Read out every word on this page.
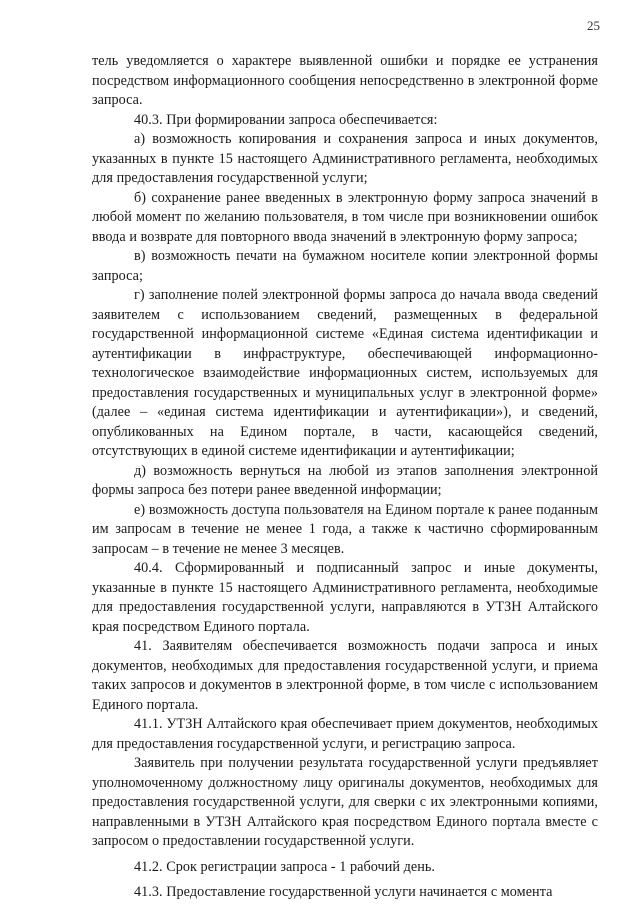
25

тель уведомляется о характере выявленной ошибки и порядке ее устранения посредством информационного сообщения непосредственно в электронной форме запроса.

40.3. При формировании запроса обеспечивается:

а) возможность копирования и сохранения запроса и иных документов, указанных в пункте 15 настоящего Административного регламента, необходимых для предоставления государственной услуги;

б) сохранение ранее введенных в электронную форму запроса значений в любой момент по желанию пользователя, в том числе при возникновении ошибок ввода и возврате для повторного ввода значений в электронную форму запроса;

в) возможность печати на бумажном носителе копии электронной формы запроса;

г) заполнение полей электронной формы запроса до начала ввода сведений заявителем с использованием сведений, размещенных в федеральной государственной информационной системе «Единая система идентификации и аутентификации в инфраструктуре, обеспечивающей информационно-технологическое взаимодействие информационных систем, используемых для предоставления государственных и муниципальных услуг в электронной форме» (далее – «единая система идентификации и аутентификации»), и сведений, опубликованных на Едином портале, в части, касающейся сведений, отсутствующих в единой системе идентификации и аутентификации;

д) возможность вернуться на любой из этапов заполнения электронной формы запроса без потери ранее введенной информации;

е) возможность доступа пользователя на Едином портале к ранее поданным им запросам в течение не менее 1 года, а также к частично сформированным запросам – в течение не менее 3 месяцев.

40.4. Сформированный и подписанный запрос и иные документы, указанные в пункте 15 настоящего Административного регламента, необходимые для предоставления государственной услуги, направляются в УТЗН Алтайского края посредством Единого портала.

41. Заявителям обеспечивается возможность подачи запроса и иных документов, необходимых для предоставления государственной услуги, и приема таких запросов и документов в электронной форме, в том числе с использованием Единого портала.

41.1. УТЗН Алтайского края обеспечивает прием документов, необходимых для предоставления государственной услуги, и регистрацию запроса.

Заявитель при получении результата государственной услуги предъявляет уполномоченному должностному лицу оригиналы документов, необходимых для предоставления государственной услуги, для сверки с их электронными копиями, направленными в УТЗН Алтайского края посредством Единого портала вместе с запросом о предоставлении государственной услуги.

41.2. Срок регистрации запроса - 1 рабочий день.

41.3. Предоставление государственной услуги начинается с момента
